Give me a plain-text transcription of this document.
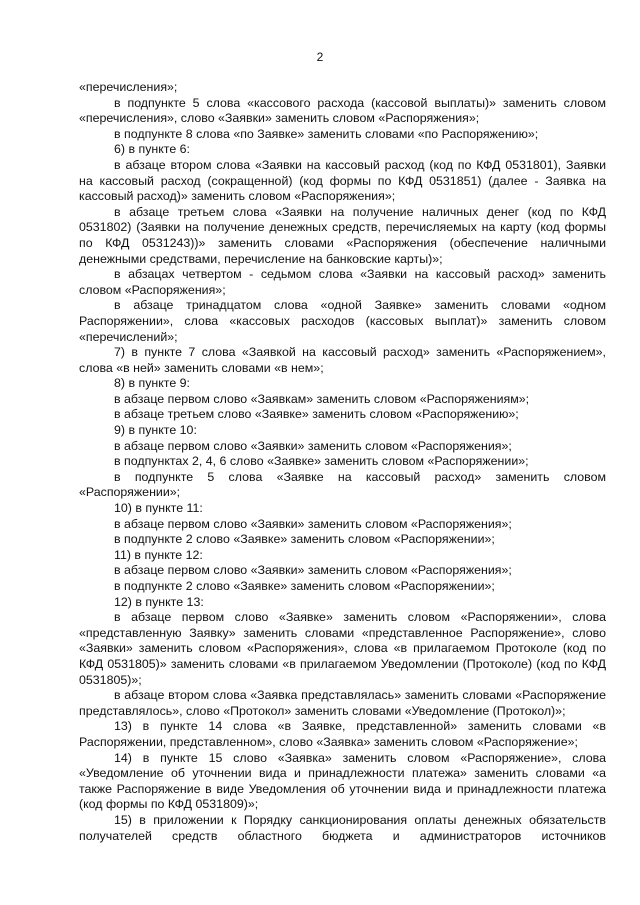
2

«перечисления»;

в подпункте 5 слова «кассового расхода (кассовой выплаты)» заменить словом «перечисления», слово «Заявки» заменить словом «Распоряжения»;

в подпункте 8 слова «по Заявке» заменить словами «по Распоряжению»;

6) в пункте 6:

в абзаце втором слова «Заявки на кассовый расход (код по КФД 0531801), Заявки на кассовый расход (сокращенной) (код формы по КФД 0531851) (далее - Заявка на кассовый расход)» заменить словом «Распоряжения»;

в абзаце третьем слова «Заявки на получение наличных денег (код по КФД 0531802) (Заявки на получение денежных средств, перечисляемых на карту (код формы по КФД 0531243))» заменить словами «Распоряжения (обеспечение наличными денежными средствами, перечисление на банковские карты)»;

в абзацах четвертом - седьмом слова «Заявки на кассовый расход» заменить словом «Распоряжения»;

в абзаце тринадцатом слова «одной Заявке» заменить словами «одном Распоряжении», слова «кассовых расходов (кассовых выплат)» заменить словом «перечислений»;

7) в пункте 7 слова «Заявкой на кассовый расход» заменить «Распоряжением», слова «в ней» заменить словами «в нем»;

8) в пункте 9:

в абзаце первом слово «Заявкам» заменить словом «Распоряжениям»;

в абзаце третьем слово «Заявке» заменить словом «Распоряжению»;

9) в пункте 10:

в абзаце первом слово «Заявки» заменить словом «Распоряжения»;

в подпунктах 2, 4, 6 слово «Заявке» заменить словом «Распоряжении»;

в подпункте 5 слова «Заявке на кассовый расход» заменить словом «Распоряжении»;

10) в пункте 11:

в абзаце первом слово «Заявки» заменить словом «Распоряжения»;

в подпункте 2 слово «Заявке» заменить словом «Распоряжении»;

11) в пункте 12:

в абзаце первом слово «Заявки» заменить словом «Распоряжения»;

в подпункте 2 слово «Заявке» заменить словом «Распоряжении»;

12) в пункте 13:

в абзаце первом слово «Заявке» заменить словом «Распоряжении», слова «представленную Заявку» заменить словами «представленное Распоряжение», слово «Заявки» заменить словом «Распоряжения», слова «в прилагаемом Протоколе (код по КФД 0531805)» заменить словами «в прилагаемом Уведомлении (Протоколе) (код по КФД 0531805)»;

в абзаце втором слова «Заявка представлялась» заменить словами «Распоряжение представлялось», слово «Протокол» заменить словами «Уведомление (Протокол)»;

13) в пункте 14 слова «в Заявке, представленной» заменить словами «в Распоряжении, представленном», слово «Заявка» заменить словом «Распоряжение»;

14) в пункте 15 слово «Заявка» заменить словом «Распоряжение», слова «Уведомление об уточнении вида и принадлежности платежа» заменить словами «а также Распоряжение в виде Уведомления об уточнении вида и принадлежности платежа (код формы по КФД 0531809)»;

15) в приложении к Порядку санкционирования оплаты денежных обязательств получателей средств областного бюджета и администраторов источников
